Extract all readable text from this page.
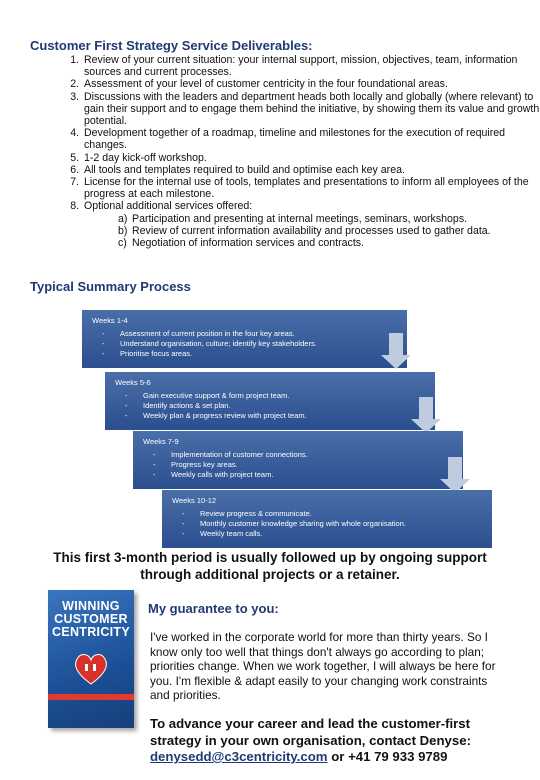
Customer First Strategy Service Deliverables:
1. Review of your current situation: your internal support, mission, objectives, team, information sources and current processes.
2. Assessment of your level of customer centricity in the four foundational areas.
3. Discussions with the leaders and department heads both locally and globally (where relevant) to gain their support and to engage them behind the initiative, by showing them its value and growth potential.
4. Development together of a roadmap, timeline and milestones for the execution of required changes.
5. 1-2 day kick-off workshop.
6. All tools and templates required to build and optimise each key area.
7. License for the internal use of tools, templates and presentations to inform all employees of the progress at each milestone.
8. Optional additional services offered:
a) Participation and presenting at internal meetings, seminars, workshops.
b) Review of current information availability and processes used to gather data.
c) Negotiation of information services and contracts.
Typical Summary Process
Weeks 1-4
- Assessment of current position in the four key areas.
- Understand organisation, culture; identify key stakeholders.
- Prioritise focus areas.
Weeks 5-6
- Gain executive support & form project team.
- Identify actions & set plan.
- Weekly plan & progress review with project team.
Weeks 7-9
- Implementation of customer connections.
- Progress key areas.
- Weekly calls with project team.
Weeks 10-12
- Review progress & communicate.
- Monthly customer knowledge sharing with whole organisation.
- Weekly team calls.
This first 3-month period is usually followed up by ongoing support through additional projects or a retainer.
WINNING
CUSTOMER
CENTRICITY
My guarantee to you:
I've worked in the corporate world for more than thirty years. So I know only too well that things don't always go according to plan; priorities change. When we work together, I will always be here for you. I'm flexible & adapt easily to your changing work constraints and priorities.
To advance your career and lead the customer-first strategy in your own organisation, contact Denyse:
denysedd@c3centricity.com or +41 79 933 9789
